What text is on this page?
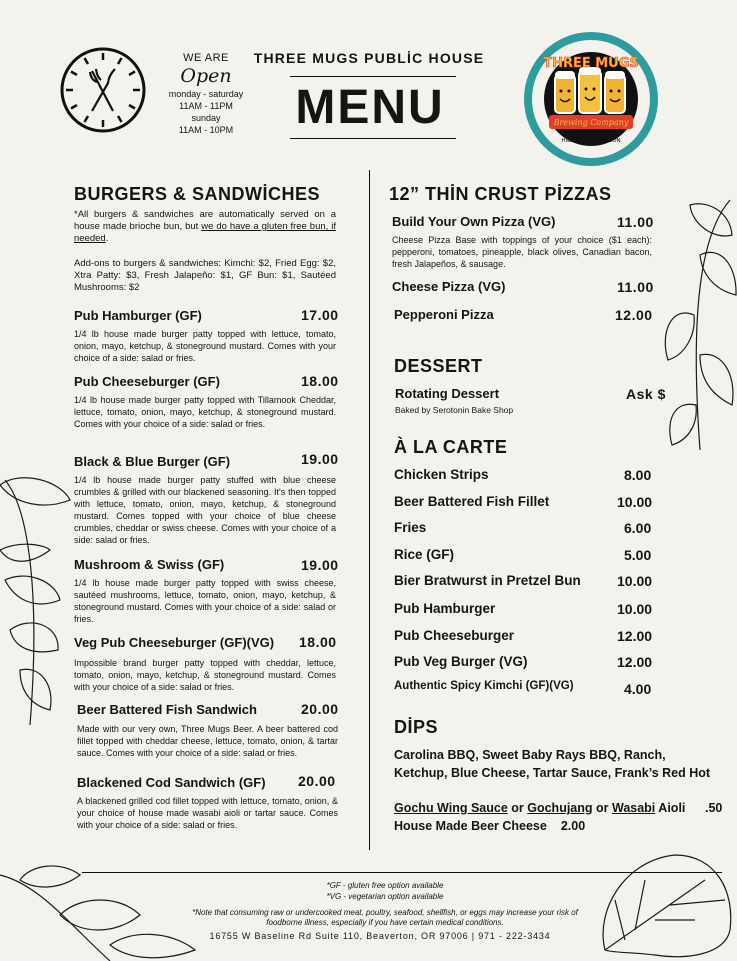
WE ARE
Open
monday - saturday
11AM - 11PM
sunday
11AM - 10PM
THREE MUGS PUBLİC HOUSE
MENU	Brewing Company
THREE MUGS
HILLSBORO, OREGON
BURGERS & SANDWİCHES
*All burgers & sandwiches are automatically served on a house made brioche bun, but we do have a gluten free bun, if needed.
Add-ons to burgers & sandwiches: Kimchi: $2, Fried Egg: $2, Xtra Patty: $3, Fresh Jalapeño: $1, GF Bun: $1, Sautéed Mushrooms: $2
Pub Hamburger (GF)	17.00
1/4 lb house made burger patty topped with lettuce, tomato, onion, mayo, ketchup, & stoneground mustard. Comes with your choice of a side: salad or fries.
Pub Cheeseburger (GF)	18.00
1/4 lb house made burger patty topped with Tillamook Cheddar, lettuce, tomato, onion, mayo, ketchup, & stoneground mustard. Comes with your choice of a side: salad or fries.
Black & Blue Burger (GF)	19.00
1/4 lb house made burger patty stuffed with blue cheese crumbles & grilled with our blackened seasoning. It's then topped with lettuce, tomato, onion, mayo, ketchup, & stoneground mustard. Comes topped with your choice of blue cheese crumbles, cheddar or swiss cheese. Comes with your choice of a side: salad or fries.
Mushroom & Swiss (GF)	19.00
1/4 lb house made burger patty topped with swiss cheese, sautéed mushrooms, lettuce, tomato, onion, mayo, ketchup, & stoneground mustard. Comes with your choice of a side: salad or fries.
Veg Pub Cheeseburger (GF)(VG) 18.00
Impossible brand burger patty topped with cheddar, lettuce, tomato, onion, mayo, ketchup, & stoneground mustard. Comes with your choice of a side: salad or fries.
Beer Battered Fish Sandwich	20.00
Made with our very own, Three Mugs Beer. A beer battered cod fillet topped with cheddar cheese, lettuce, tomato, onion, & tartar sauce. Comes with your choice of a side: salad or fries.
Blackened Cod Sandwich (GF) 20.00
A blackened grilled cod fillet topped with lettuce, tomato, onion, & your choice of house made wasabi aioli or tartar sauce. Comes with your choice of a side: salad or fries.
12” THİN CRUST PİZZAS
Build Your Own Pizza (VG)	11.00
Cheese Pizza Base with toppings of your choice ($1 each): pepperoni, tomatoes, pineapple, black olives, Canadian bacon, fresh Jalapeños, & sausage.
Cheese Pizza (VG)	11.00
Pepperoni Pizza	12.00
DESSERT
Rotating Dessert	Ask $
Baked by Serotonin Bake Shop
À LA CARTE
Chicken Strips	8.00
Beer Battered Fish Fillet	10.00
Fries	6.00
Rice (GF)	5.00
Bier Bratwurst in Pretzel Bun	10.00
Pub Hamburger	10.00
Pub Cheeseburger	12.00
Pub Veg Burger (VG)	12.00
Authentic Spicy Kimchi (GF)(VG)	4.00
DİPS
Carolina BBQ, Sweet Baby Rays BBQ, Ranch,
Ketchup, Blue Cheese, Tartar Sauce, Frank’s Red Hot
Gochu Wing Sauce or Gochujang or Wasabi Aioli .50
House Made Beer Cheese 2.00
*GF - gluten free option available
*VG - vegetarian option available
*Note that consuming raw or undercooked meat, poultry, seafood, shellfish, or eggs may increase your risk of
foodborne illness, especially if you have certain medical conditions.
16755 W Baseline Rd Suite 110, Beaverton, OR 97006 | 971 - 222-3434
